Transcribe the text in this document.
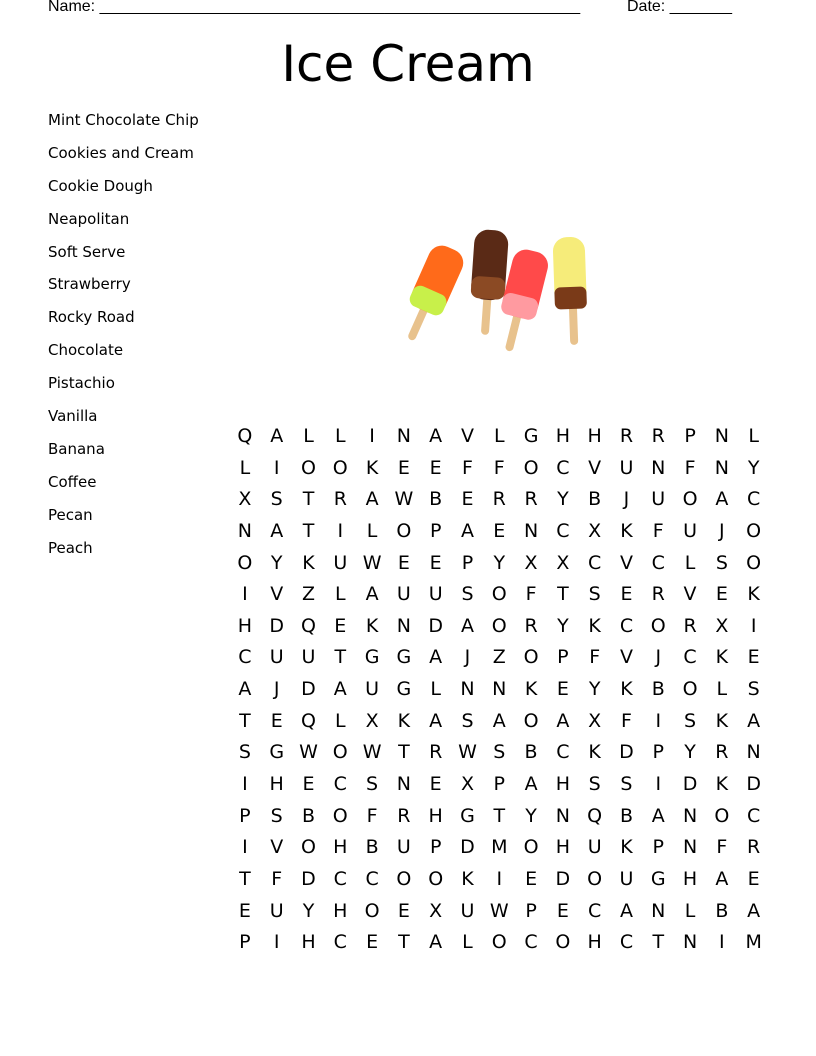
Name: ______________________________________________________	Date: _______
Ice Cream
Mint Chocolate Chip
Cookies and Cream
Cookie Dough
Neapolitan
Soft Serve
Strawberry
Rocky Road
Chocolate
Pistachio
Vanilla
Banana
Coffee
Pecan
Peach
Q A	L	L	I	N A V	L	G H H R R	P N	L
L	I	O O K	E	E	F	F O C V U N	F	N Y
X	S	T	R A W B	E	R R	Y	B	J	U O A C
N A	T	I	L	O P	A	E N C X	K	F	U	J	O
O Y	K U W E	E	P	Y	X X C V C	L	S O
I	V Z	L	A U U S O F	T	S	E	R V	E	K
H D Q E	K N D A O R	Y	K C O R X	I
C U U	T G G A	J	Z O P	F	V	J	C K	E
A	J	D A U G	L	N N K	E	Y	K	B O	L	S
T	E Q	L	X	K	A	S	A O A X	F	I	S	K	A
S G W O W T	R W S	B C K D P	Y	R N
I	H E	C	S N E	X	P	A H S	S	I	D K D
P	S	B O F	R H G T	Y N Q B A N O C
I	V O H B U	P D M O H U K	P N	F	R
T	F	D C C O O K	I	E D O U G H A	E
E U	Y H O E	X U W P	E	C A N	L	B A
P	I	H C	E	T	A	L	O C O H C	T N	I	M
